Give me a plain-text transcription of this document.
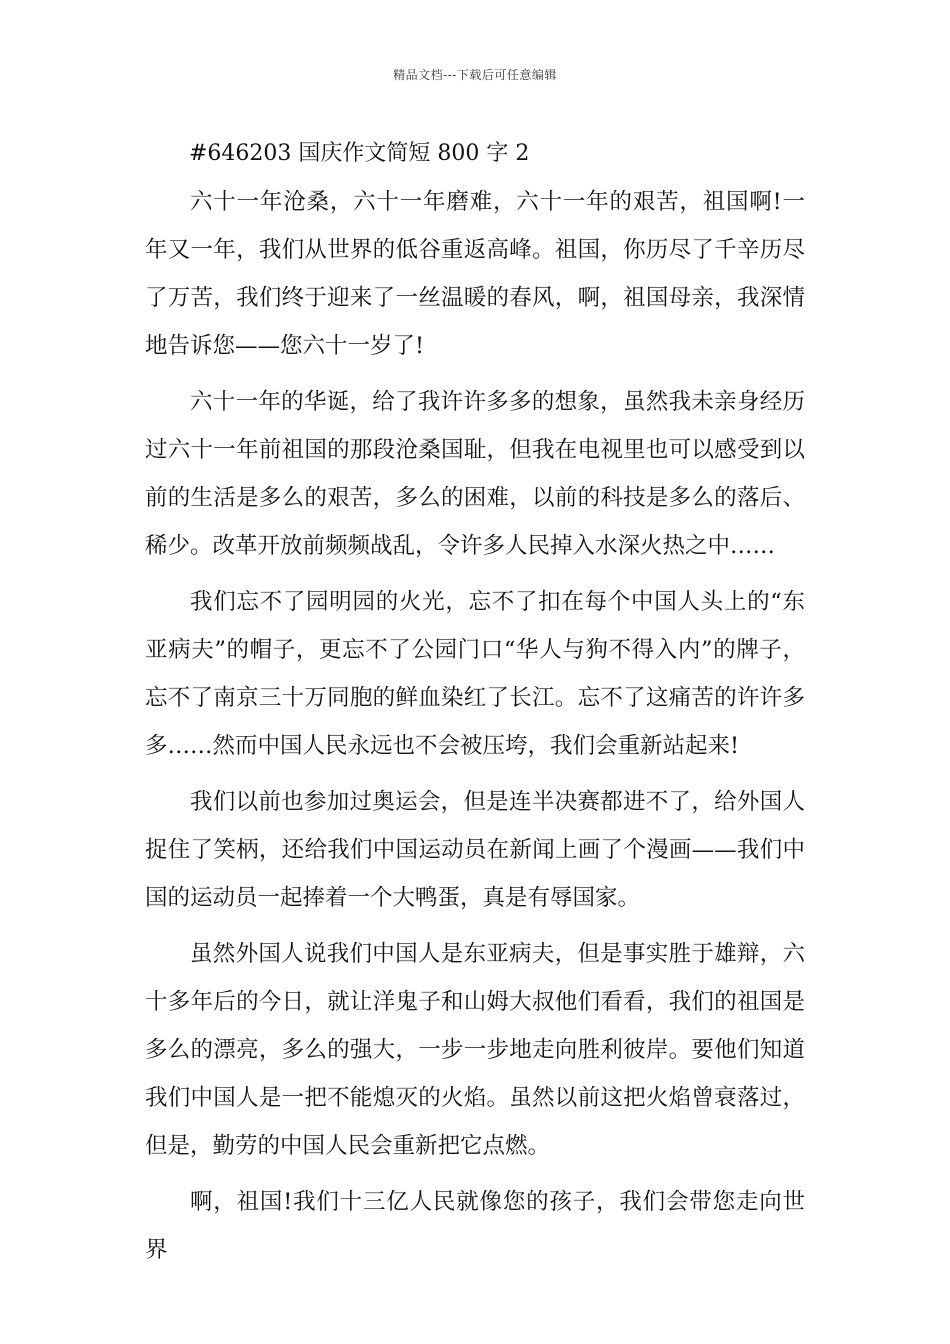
精品文档---下载后可任意编辑
#646203 国庆作文简短 800 字 2

六十一年沧桑，六十一年磨难，六十一年的艰苦，祖国啊!一年又一年，我们从世界的低谷重返高峰。祖国，你历尽了千辛历尽了万苦，我们终于迎来了一丝温暖的春风，啊，祖国母亲，我深情地告诉您——您六十一岁了!

六十一年的华诞，给了我许许多多的想象，虽然我未亲身经历过六十一年前祖国的那段沧桑国耻，但我在电视里也可以感受到以前的生活是多么的艰苦，多么的困难，以前的科技是多么的落后、稀少。改革开放前频频战乱，令许多人民掉入水深火热之中……

我们忘不了园明园的火光，忘不了扣在每个中国人头上的“东亚病夫”的帽子，更忘不了公园门口“华人与狗不得入内”的牌子，忘不了南京三十万同胞的鲜血染红了长江。忘不了这痛苦的许许多多……然而中国人民永远也不会被压垮，我们会重新站起来!

我们以前也参加过奥运会，但是连半决赛都进不了，给外国人捉住了笑柄，还给我们中国运动员在新闻上画了个漫画——我们中国的运动员一起捧着一个大鸭蛋，真是有辱国家。

虽然外国人说我们中国人是东亚病夫，但是事实胜于雄辩，六十多年后的今日，就让洋鬼子和山姆大叔他们看看，我们的祖国是多么的漂亮，多么的强大，一步一步地走向胜利彼岸。要他们知道我们中国人是一把不能熄灭的火焰。虽然以前这把火焰曾衰落过，但是，勤劳的中国人民会重新把它点燃。

啊，祖国!我们十三亿人民就像您的孩子，我们会带您走向世界
